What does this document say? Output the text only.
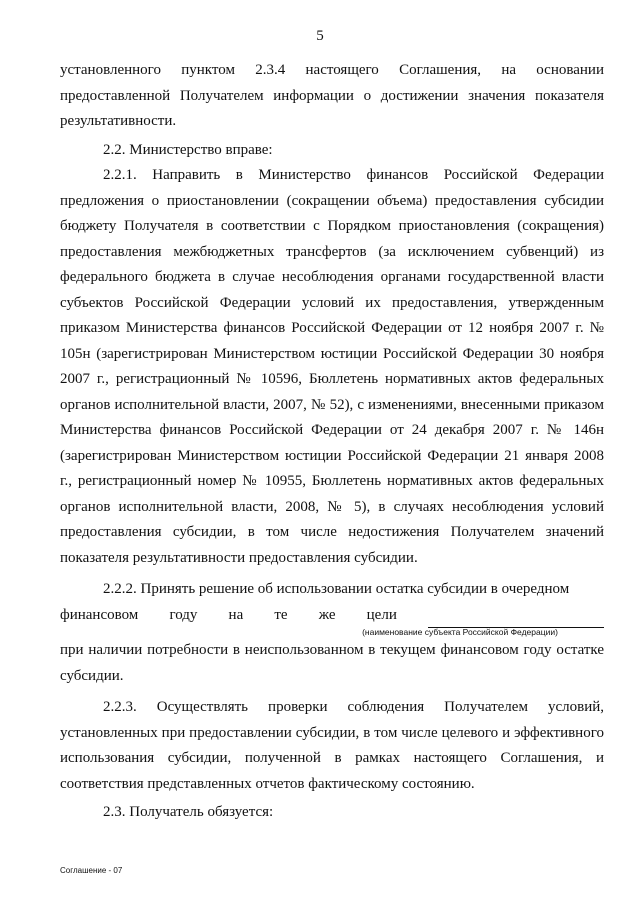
5

установленного пунктом 2.3.4 настоящего Соглашения, на основании предоставленной Получателем информации о достижении значения показателя результативности.

2.2. Министерство вправе:

2.2.1. Направить в Министерство финансов Российской Федерации предложения о приостановлении (сокращении объема) предоставления субсидии бюджету Получателя в соответствии с Порядком приостановления (сокращения) предоставления межбюджетных трансфертов (за исключением субвенций) из федерального бюджета в случае несоблюдения органами государственной власти субъектов Российской Федерации условий их предоставления, утвержденным приказом Министерства финансов Российской Федерации от 12 ноября 2007 г. № 105н (зарегистрирован Министерством юстиции Российской Федерации 30 ноября 2007 г., регистрационный № 10596, Бюллетень нормативных актов федеральных органов исполнительной власти, 2007, № 52), с изменениями, внесенными приказом Министерства финансов Российской Федерации от 24 декабря 2007 г. № 146н (зарегистрирован Министерством юстиции Российской Федерации 21 января 2008 г., регистрационный номер № 10955, Бюллетень нормативных актов федеральных органов исполнительной власти, 2008, № 5), в случаях несоблюдения условий предоставления субсидии, в том числе недостижения Получателем значений показателя результативности предоставления субсидии.

2.2.2. Принять решение об использовании остатка субсидии в очередном

финансовом году на те же цели
(наименование субъекта Российской Федерации)

при наличии потребности в неиспользованном в текущем финансовом году остатке субсидии.

2.2.3. Осуществлять проверки соблюдения Получателем условий, установленных при предоставлении субсидии, в том числе целевого и эффективного использования субсидии, полученной в рамках настоящего Соглашения, и соответствия представленных отчетов фактическому состоянию.

2.3. Получатель обязуется:

Соглашение - 07
